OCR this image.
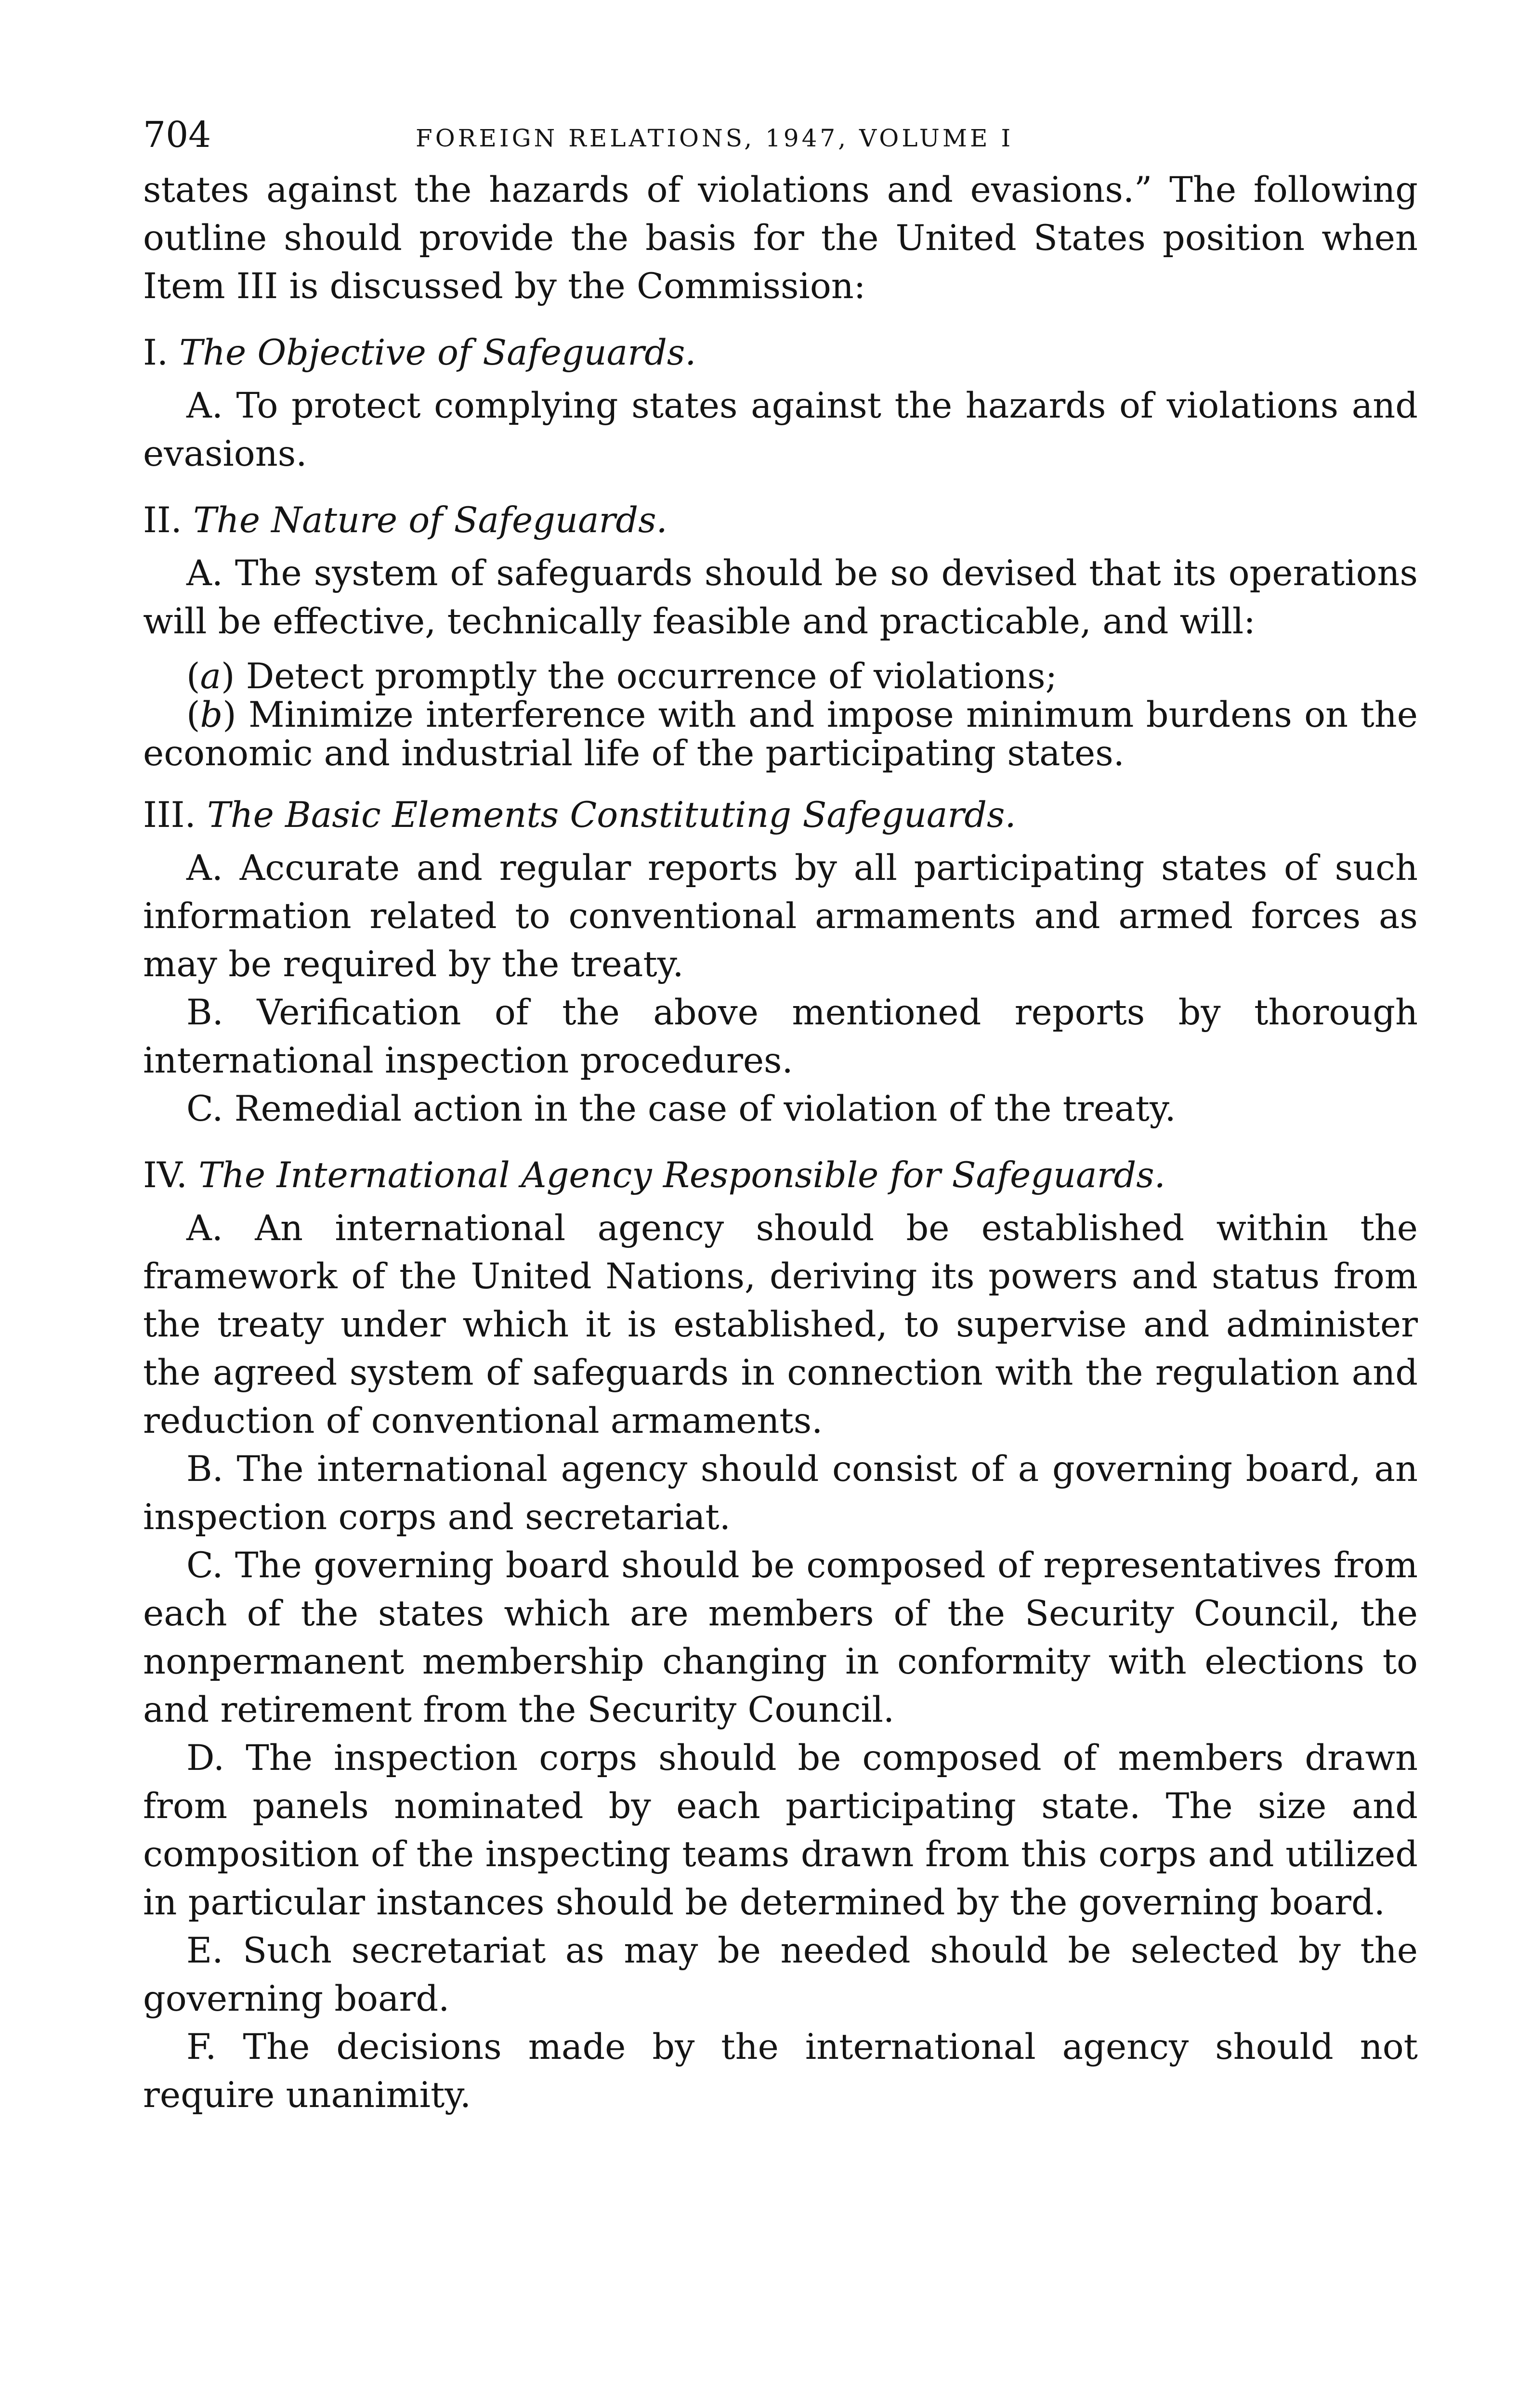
704	FOREIGN RELATIONS, 1947, VOLUME I

states against the hazards of violations and evasions.” The following outline should provide the basis for the United States position when Item III is discussed by the Commission:

I. The Objective of Safeguards.

A. To protect complying states against the hazards of violations and evasions.

II. The Nature of Safeguards.

A. The system of safeguards should be so devised that its operations will be effective, technically feasible and practicable, and will:

(a) Detect promptly the occurrence of violations;

(b) Minimize interference with and impose minimum burdens on the economic and industrial life of the participating states.

III. The Basic Elements Constituting Safeguards.

A. Accurate and regular reports by all participating states of such information related to conventional armaments and armed forces as may be required by the treaty.

B. Verification of the above mentioned reports by thorough international inspection procedures.

C. Remedial action in the case of violation of the treaty.

IV. The International Agency Responsible for Safeguards.

A. An international agency should be established within the framework of the United Nations, deriving its powers and status from the treaty under which it is established, to supervise and administer the agreed system of safeguards in connection with the regulation and reduction of conventional armaments.

B. The international agency should consist of a governing board, an inspection corps and secretariat.

C. The governing board should be composed of representatives from each of the states which are members of the Security Council, the nonpermanent membership changing in conformity with elections to and retirement from the Security Council.

D. The inspection corps should be composed of members drawn from panels nominated by each participating state. The size and composition of the inspecting teams drawn from this corps and utilized in particular instances should be determined by the governing board.

E. Such secretariat as may be needed should be selected by the governing board.

F. The decisions made by the international agency should not require unanimity.
